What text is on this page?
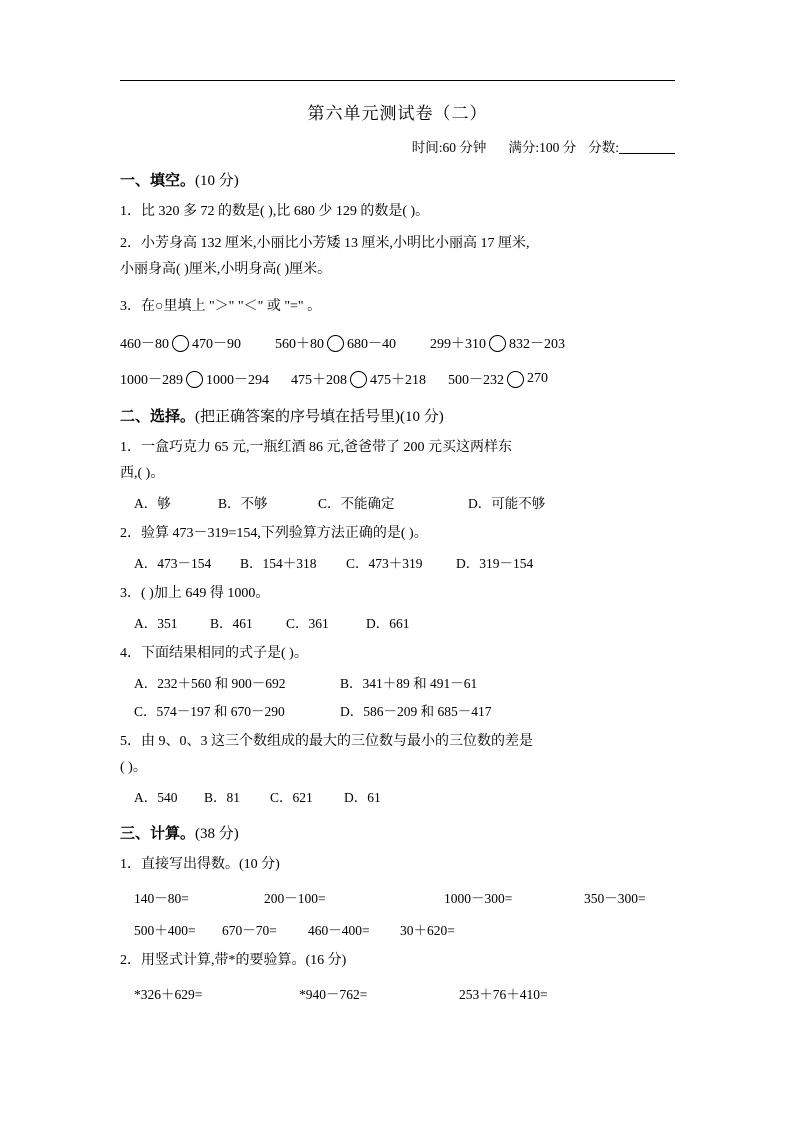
第六单元测试卷（二）
时间:60 分钟 满分:100 分 分数:
一、填空。(10 分)
1．比 320 多 72 的数是( ),比 680 少 129 的数是( )。
2．小芳身高 132 厘米,小丽比小芳矮 13 厘米,小明比小丽高 17 厘米,
小丽身高( )厘米,小明身高( )厘米。
3．在○里填上 "＞" "＜" 或 "=" 。
460－80 470－90 560＋80 680－40 299＋310 832－203
1000－289 1000－294 475＋208 475＋218 500－232 270
二、选择。(把正确答案的序号填在括号里)(10 分)
1．一盒巧克力 65 元,一瓶红酒 86 元,爸爸带了 200 元买这两样东
西,( )。
A．够	B．不够	C．不能确定	D．可能不够
2．验算 473－319=154,下列验算方法正确的是( )。
A．473－154	B．154＋318	C．473＋319	D．319－154
3．( )加上 649 得 1000。
A．351	B．461	C．361	D．661
4．下面结果相同的式子是( )。
A．232＋560 和 900－692	B．341＋89 和 491－61
C．574－197 和 670－290	D．586－209 和 685－417
5．由 9、0、3 这三个数组成的最大的三位数与最小的三位数的差是
( )。
A．540	B．81	C．621	D．61
三、计算。(38 分)
1．直接写出得数。(10 分)
140－80=	200－100=	1000－300=	350－300=
500＋400=	670－70=	460－400=	30＋620=
2．用竖式计算,带*的要验算。(16 分)
*326＋629=	*940－762=	253＋76＋410=
